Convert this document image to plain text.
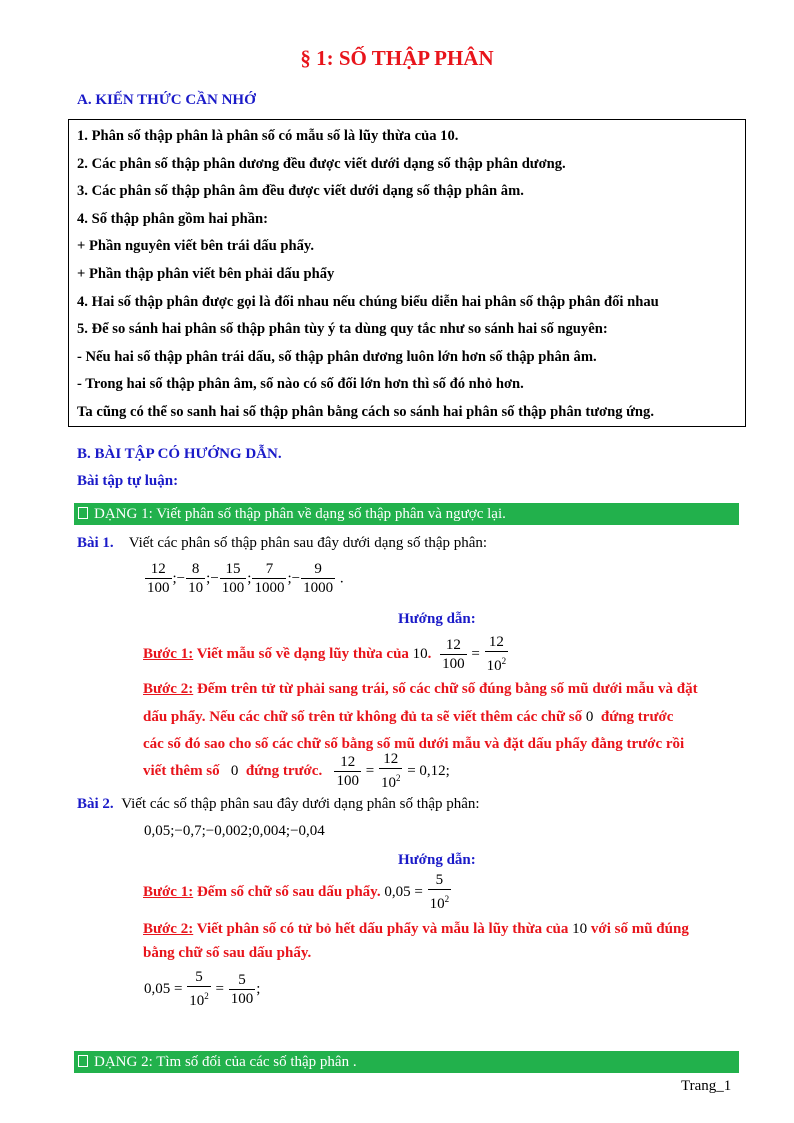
§ 1: SỐ THẬP PHÂN
A. KIẾN THỨC CẦN NHỚ
1. Phân số thập phân là phân số có mẫu số là lũy thừa của 10.
2. Các phân số thập phân dương đều được viết dưới dạng số thập phân dương.
3. Các phân số thập phân âm đều được viết dưới dạng số thập phân âm.
4. Số thập phân gồm hai phần:
+ Phần nguyên viết bên trái dấu phẩy.
+ Phần thập phân viết bên phải dấu phẩy
4. Hai số thập phân được gọi là đối nhau nếu chúng biểu diễn hai phân số thập phân đối nhau
5. Để so sánh hai phân số thập phân tùy ý ta dùng quy tắc như so sánh hai số nguyên:
- Nếu hai số thập phân trái dấu, số thập phân dương luôn lớn hơn số thập phân âm.
- Trong hai số thập phân âm, số nào có số đối lớn hơn thì số đó nhỏ hơn.
Ta cũng có thể so sanh hai số thập phân bằng cách so sánh hai phân số thập phân tương ứng.
B. BÀI TẬP CÓ HƯỚNG DẪN.
Bài tập tự luận:
DẠNG 1: Viết phân số thập phân về dạng số thập phân và ngược lại.
Bài 1. Viết các phân số thập phân sau đây dưới dạng số thập phân:
$\frac{12}{100}$ ;− $\frac{8}{10}$ ;− $\frac{15}{100}$ ; $\frac{7}{1000}$ ;− $\frac{9}{1000}$ .
Hướng dẫn:
Bước 1: Viết mẫu số về dạng lũy thừa của 10. $\frac{12}{100} = \frac{12}{10^2}$
Bước 2: Đếm trên tử từ phải sang trái, số các chữ số đúng bằng số mũ dưới mẫu và đặt
dấu phẩy. Nếu các chữ số trên tử không đủ ta sẽ viết thêm các chữ số 0 đứng trước
các số đó sao cho số các chữ số bằng số mũ dưới mẫu và đặt dấu phẩy đằng trước rồi
viết thêm số 0 đứng trước. $\frac{12}{100} = \frac{12}{10^2} = 0,12$;
Bài 2. Viết các số thập phân sau đây dưới dạng phân số thập phân:
0,05;−0,7;−0,002;0,004;−0,04
Hướng dẫn:
Bước 1: Đếm số chữ số sau dấu phẩy. $0,05 = \frac{5}{10^2}$
Bước 2: Viết phân số có tử bỏ hết dấu phẩy và mẫu là lũy thừa của 10 với số mũ đúng
bằng chữ số sau dấu phẩy.
$0,05 = \frac{5}{10^2} = \frac{5}{100}$ ;
DẠNG 2: Tìm số đối của các số thập phân .
Trang_1
